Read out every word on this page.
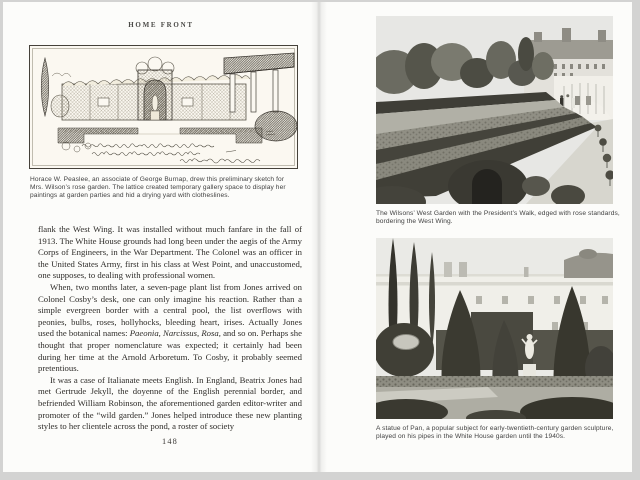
HOME FRONT
Horace W. Peaslee, an associate of George Burnap, drew this preliminary sketch for Mrs. Wilson’s rose garden. The lattice created temporary gallery space to display her paintings at garden parties and hid a drying yard with clotheslines.

flank the West Wing. It was installed without much fanfare in the fall of 1913. The White House grounds had long been under the aegis of the Army Corps of Engineers, in the War Department. The Colonel was an officer in the United States Army, first in his class at West Point, and unaccustomed, one supposes, to dealing with professional women.

When, two months later, a seven-page plant list from Jones arrived on Colonel Cosby’s desk, one can only imagine his reaction. Rather than a simple evergreen border with a central pool, the list overflows with peonies, bulbs, roses, hollyhocks, bleeding heart, irises. Actually Jones used the botanical names: Paeonia, Narcissus, Rosa, and so on. Perhaps she thought that proper nomenclature was expected; it certainly had been during her time at the Arnold Arboretum. To Cosby, it probably seemed pretentious.

It was a case of Italianate meets English. In England, Beatrix Jones had met Gertrude Jekyll, the doyenne of the English perennial border, and befriended William Robinson, the aforementioned garden editor-writer and promoter of the “wild garden.” Jones helped introduce these new planting styles to her clientele across the pond, a roster of society

148
The Wilsons’ West Garden with the President’s Walk, edged with rose standards, bordering the West Wing.
A statue of Pan, a popular subject for early-twentieth-century garden sculpture, played on his pipes in the White House garden until the 1940s.
